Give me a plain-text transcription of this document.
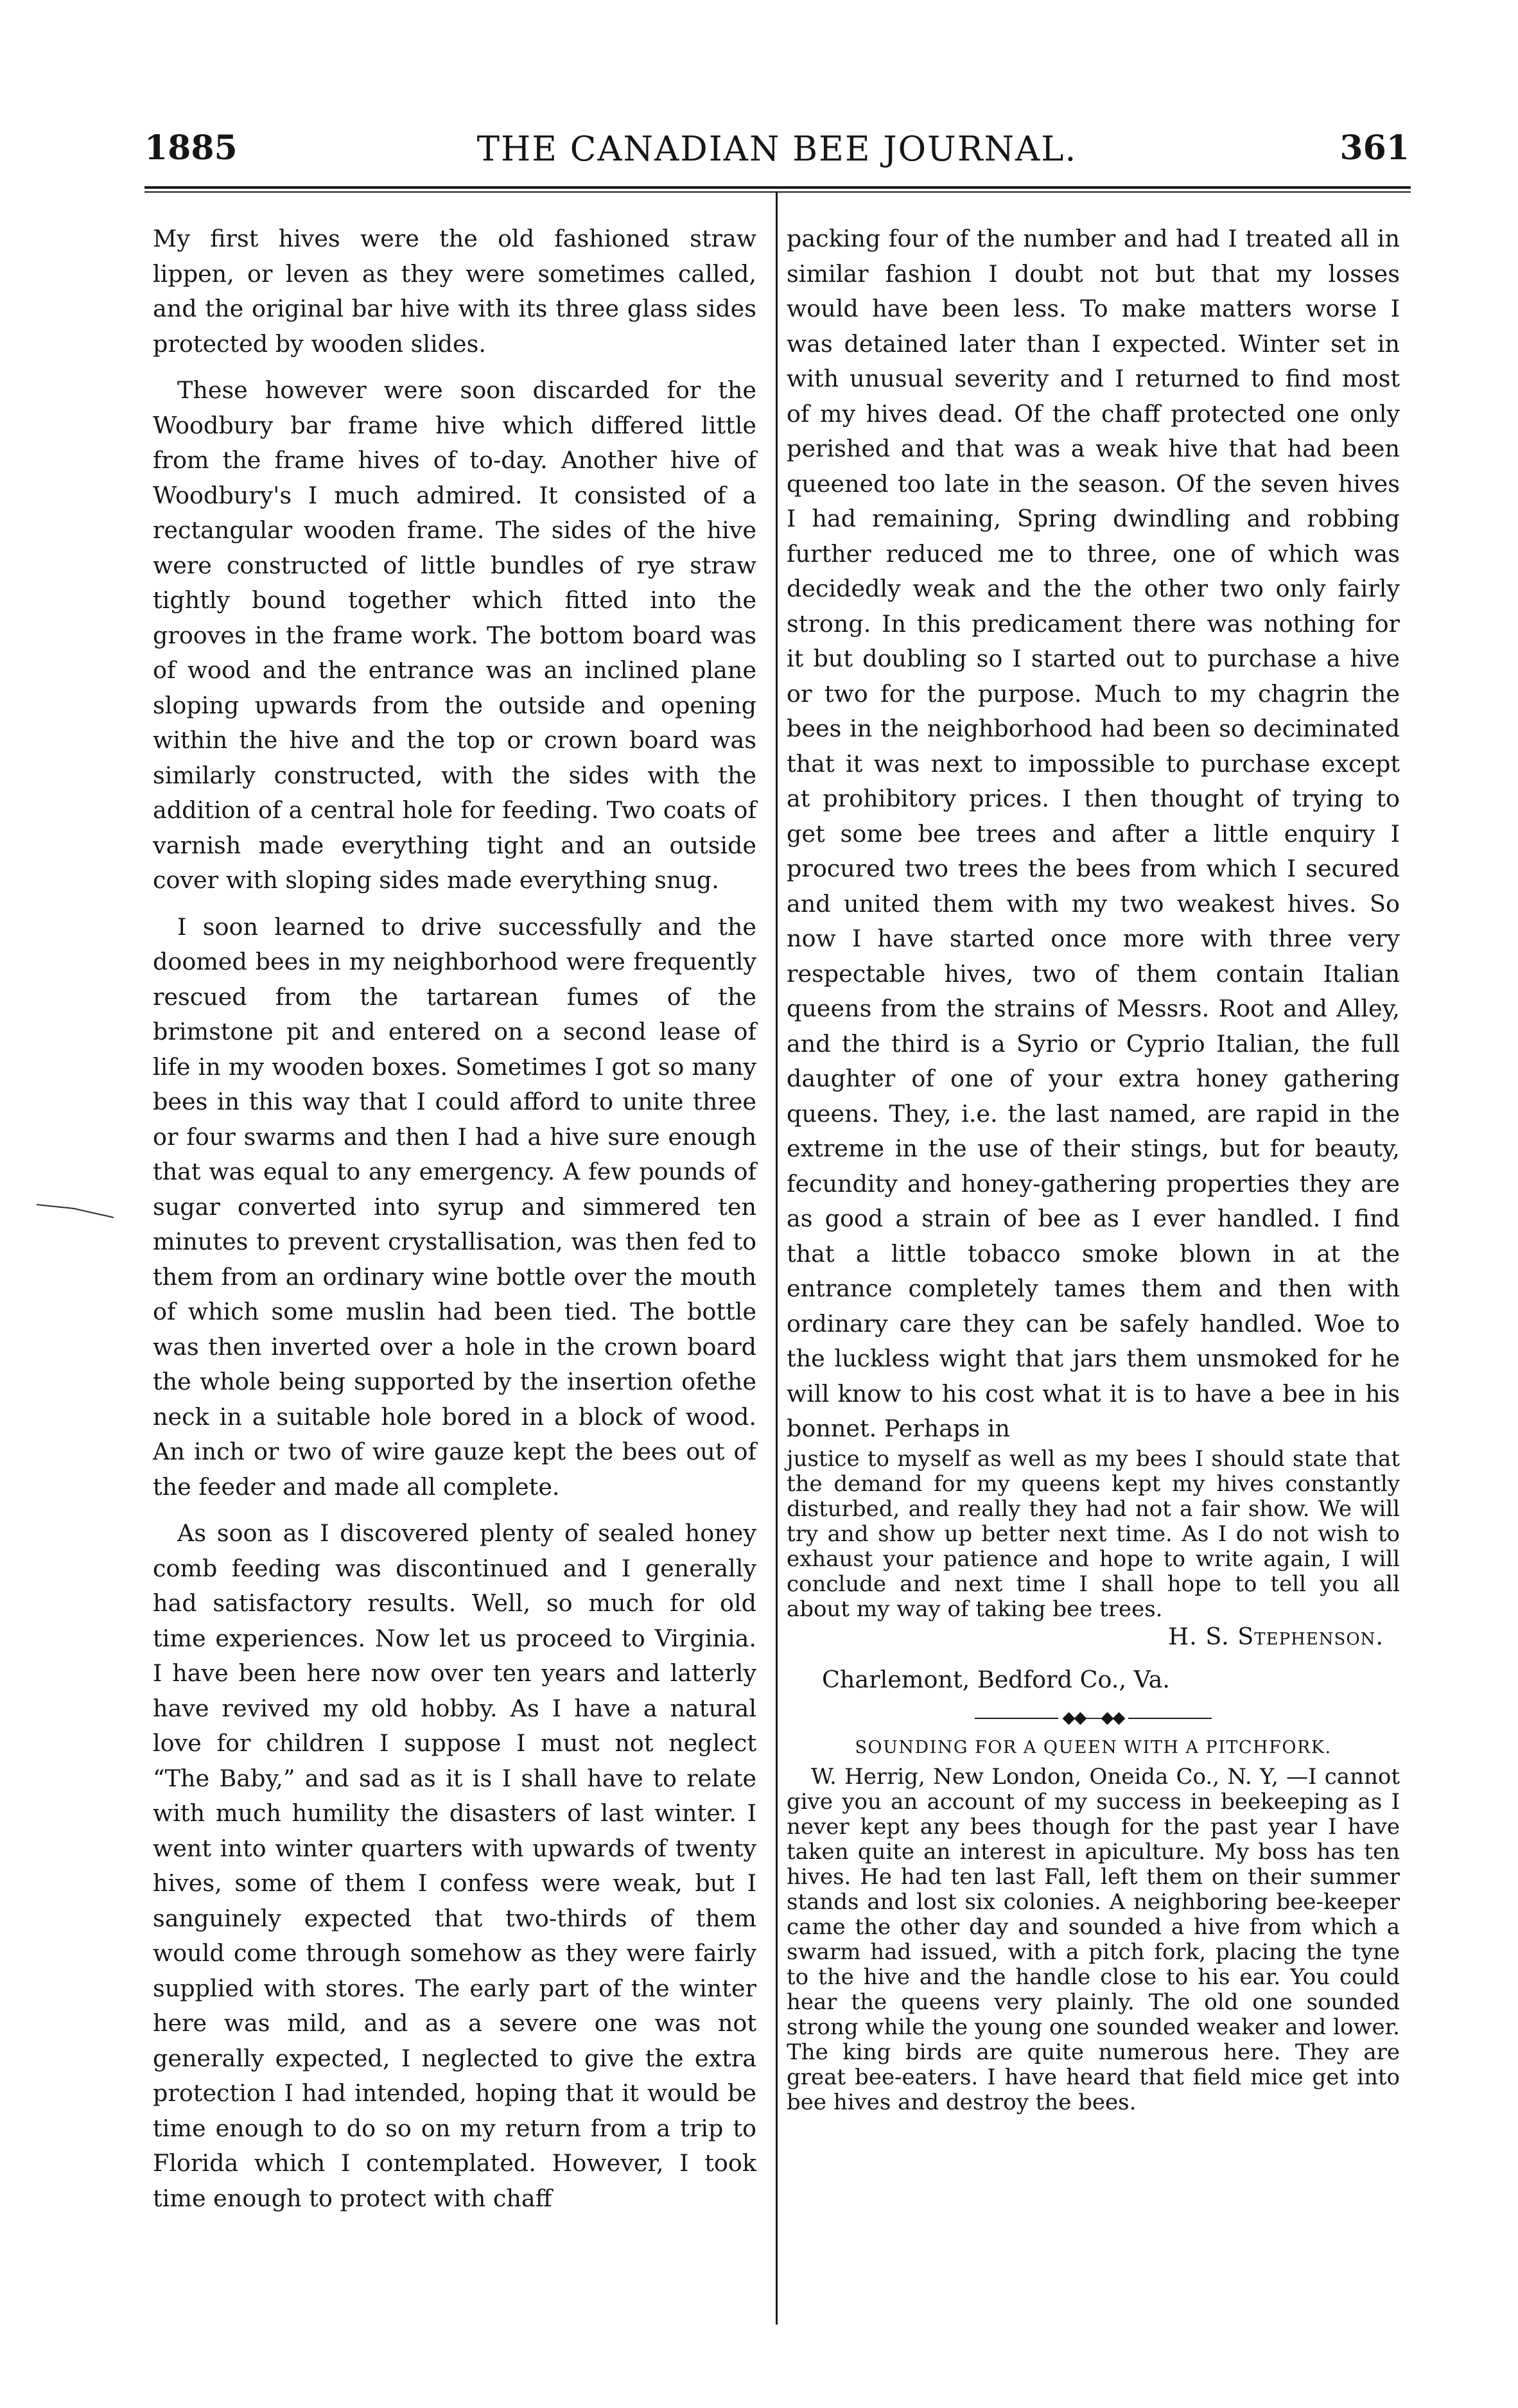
1885	THE CANADIAN BEE JOURNAL.	361

My first hives were the old fashioned straw lippen, or leven as they were sometimes called, and the original bar hive with its three glass sides protected by wooden slides.

These however were soon discarded for the Woodbury bar frame hive which differed little from the frame hives of to-day. Another hive of Woodbury's I much admired. It consisted of a rectangular wooden frame. The sides of the hive were constructed of little bundles of rye straw tightly bound together which fitted into the grooves in the frame work. The bottom board was of wood and the entrance was an inclined plane sloping upwards from the outside and opening within the hive and the top or crown board was similarly constructed, with the sides with the addition of a central hole for feeding. Two coats of varnish made everything tight and an outside cover with sloping sides made everything snug.

I soon learned to drive successfully and the doomed bees in my neighborhood were frequently rescued from the tartarean fumes of the brimstone pit and entered on a second lease of life in my wooden boxes. Sometimes I got so many bees in this way that I could afford to unite three or four swarms and then I had a hive sure enough that was equal to any emergency. A few pounds of sugar converted into syrup and simmered ten minutes to prevent crystallisation, was then fed to them from an ordinary wine bottle over the mouth of which some muslin had been tied. The bottle was then inverted over a hole in the crown board the whole being supported by the insertion ofethe neck in a suitable hole bored in a block of wood. An inch or two of wire gauze kept the bees out of the feeder and made all complete.

As soon as I discovered plenty of sealed honey comb feeding was discontinued and I generally had satisfactory results. Well, so much for old time experiences. Now let us proceed to Virginia. I have been here now over ten years and latterly have revived my old hobby. As I have a natural love for children I suppose I must not neglect “The Baby,” and sad as it is I shall have to relate with much humility the disasters of last winter. I went into winter quarters with upwards of twenty hives, some of them I confess were weak, but I sanguinely expected that two-thirds of them would come through somehow as they were fairly supplied with stores. The early part of the winter here was mild, and as a severe one was not generally expected, I neglected to give the extra protection I had intended, hoping that it would be time enough to do so on my return from a trip to Florida which I contemplated. However, I took time enough to protect with chaff

packing four of the number and had I treated all in similar fashion I doubt not but that my losses would have been less. To make matters worse I was detained later than I expected. Winter set in with unusual severity and I returned to find most of my hives dead. Of the chaff protected one only perished and that was a weak hive that had been queened too late in the season. Of the seven hives I had remaining, Spring dwindling and robbing further reduced me to three, one of which was decidedly weak and the the other two only fairly strong. In this predicament there was nothing for it but doubling so I started out to purchase a hive or two for the purpose. Much to my chagrin the bees in the neighborhood had been so deciminated that it was next to impossible to purchase except at prohibitory prices. I then thought of trying to get some bee trees and after a little enquiry I procured two trees the bees from which I secured and united them with my two weakest hives. So now I have started once more with three very respectable hives, two of them contain Italian queens from the strains of Messrs. Root and Alley, and the third is a Syrio or Cyprio Italian, the full daughter of one of your extra honey gathering queens. They, i.e. the last named, are rapid in the extreme in the use of their stings, but for beauty, fecundity and honey-gathering properties they are as good a strain of bee as I ever handled. I find that a little tobacco smoke blown in at the entrance completely tames them and then with ordinary care they can be safely handled. Woe to the luckless wight that jars them unsmoked for he will know to his cost what it is to have a bee in his bonnet. Perhaps in

justice to myself as well as my bees I should state that the demand for my queens kept my hives constantly disturbed, and really they had not a fair show. We will try and show up better next time. As I do not wish to exhaust your patience and hope to write again, I will conclude and next time I shall hope to tell you all about my way of taking bee trees.

H. S. Stephenson.

Charlemont, Bedford Co., Va.

◆◆—◆◆
SOUNDING FOR A QUEEN WITH A PITCHFORK.

W. Herrig, New London, Oneida Co., N. Y, —I cannot give you an account of my success in beekeeping as I never kept any bees though for the past year I have taken quite an interest in apiculture. My boss has ten hives. He had ten last Fall, left them on their summer stands and lost six colonies. A neighboring bee-keeper came the other day and sounded a hive from which a swarm had issued, with a pitch fork, placing the tyne to the hive and the handle close to his ear. You could hear the queens very plainly. The old one sounded strong while the young one sounded weaker and lower. The king birds are quite numerous here. They are great bee-eaters. I have heard that field mice get into bee hives and destroy the bees.
